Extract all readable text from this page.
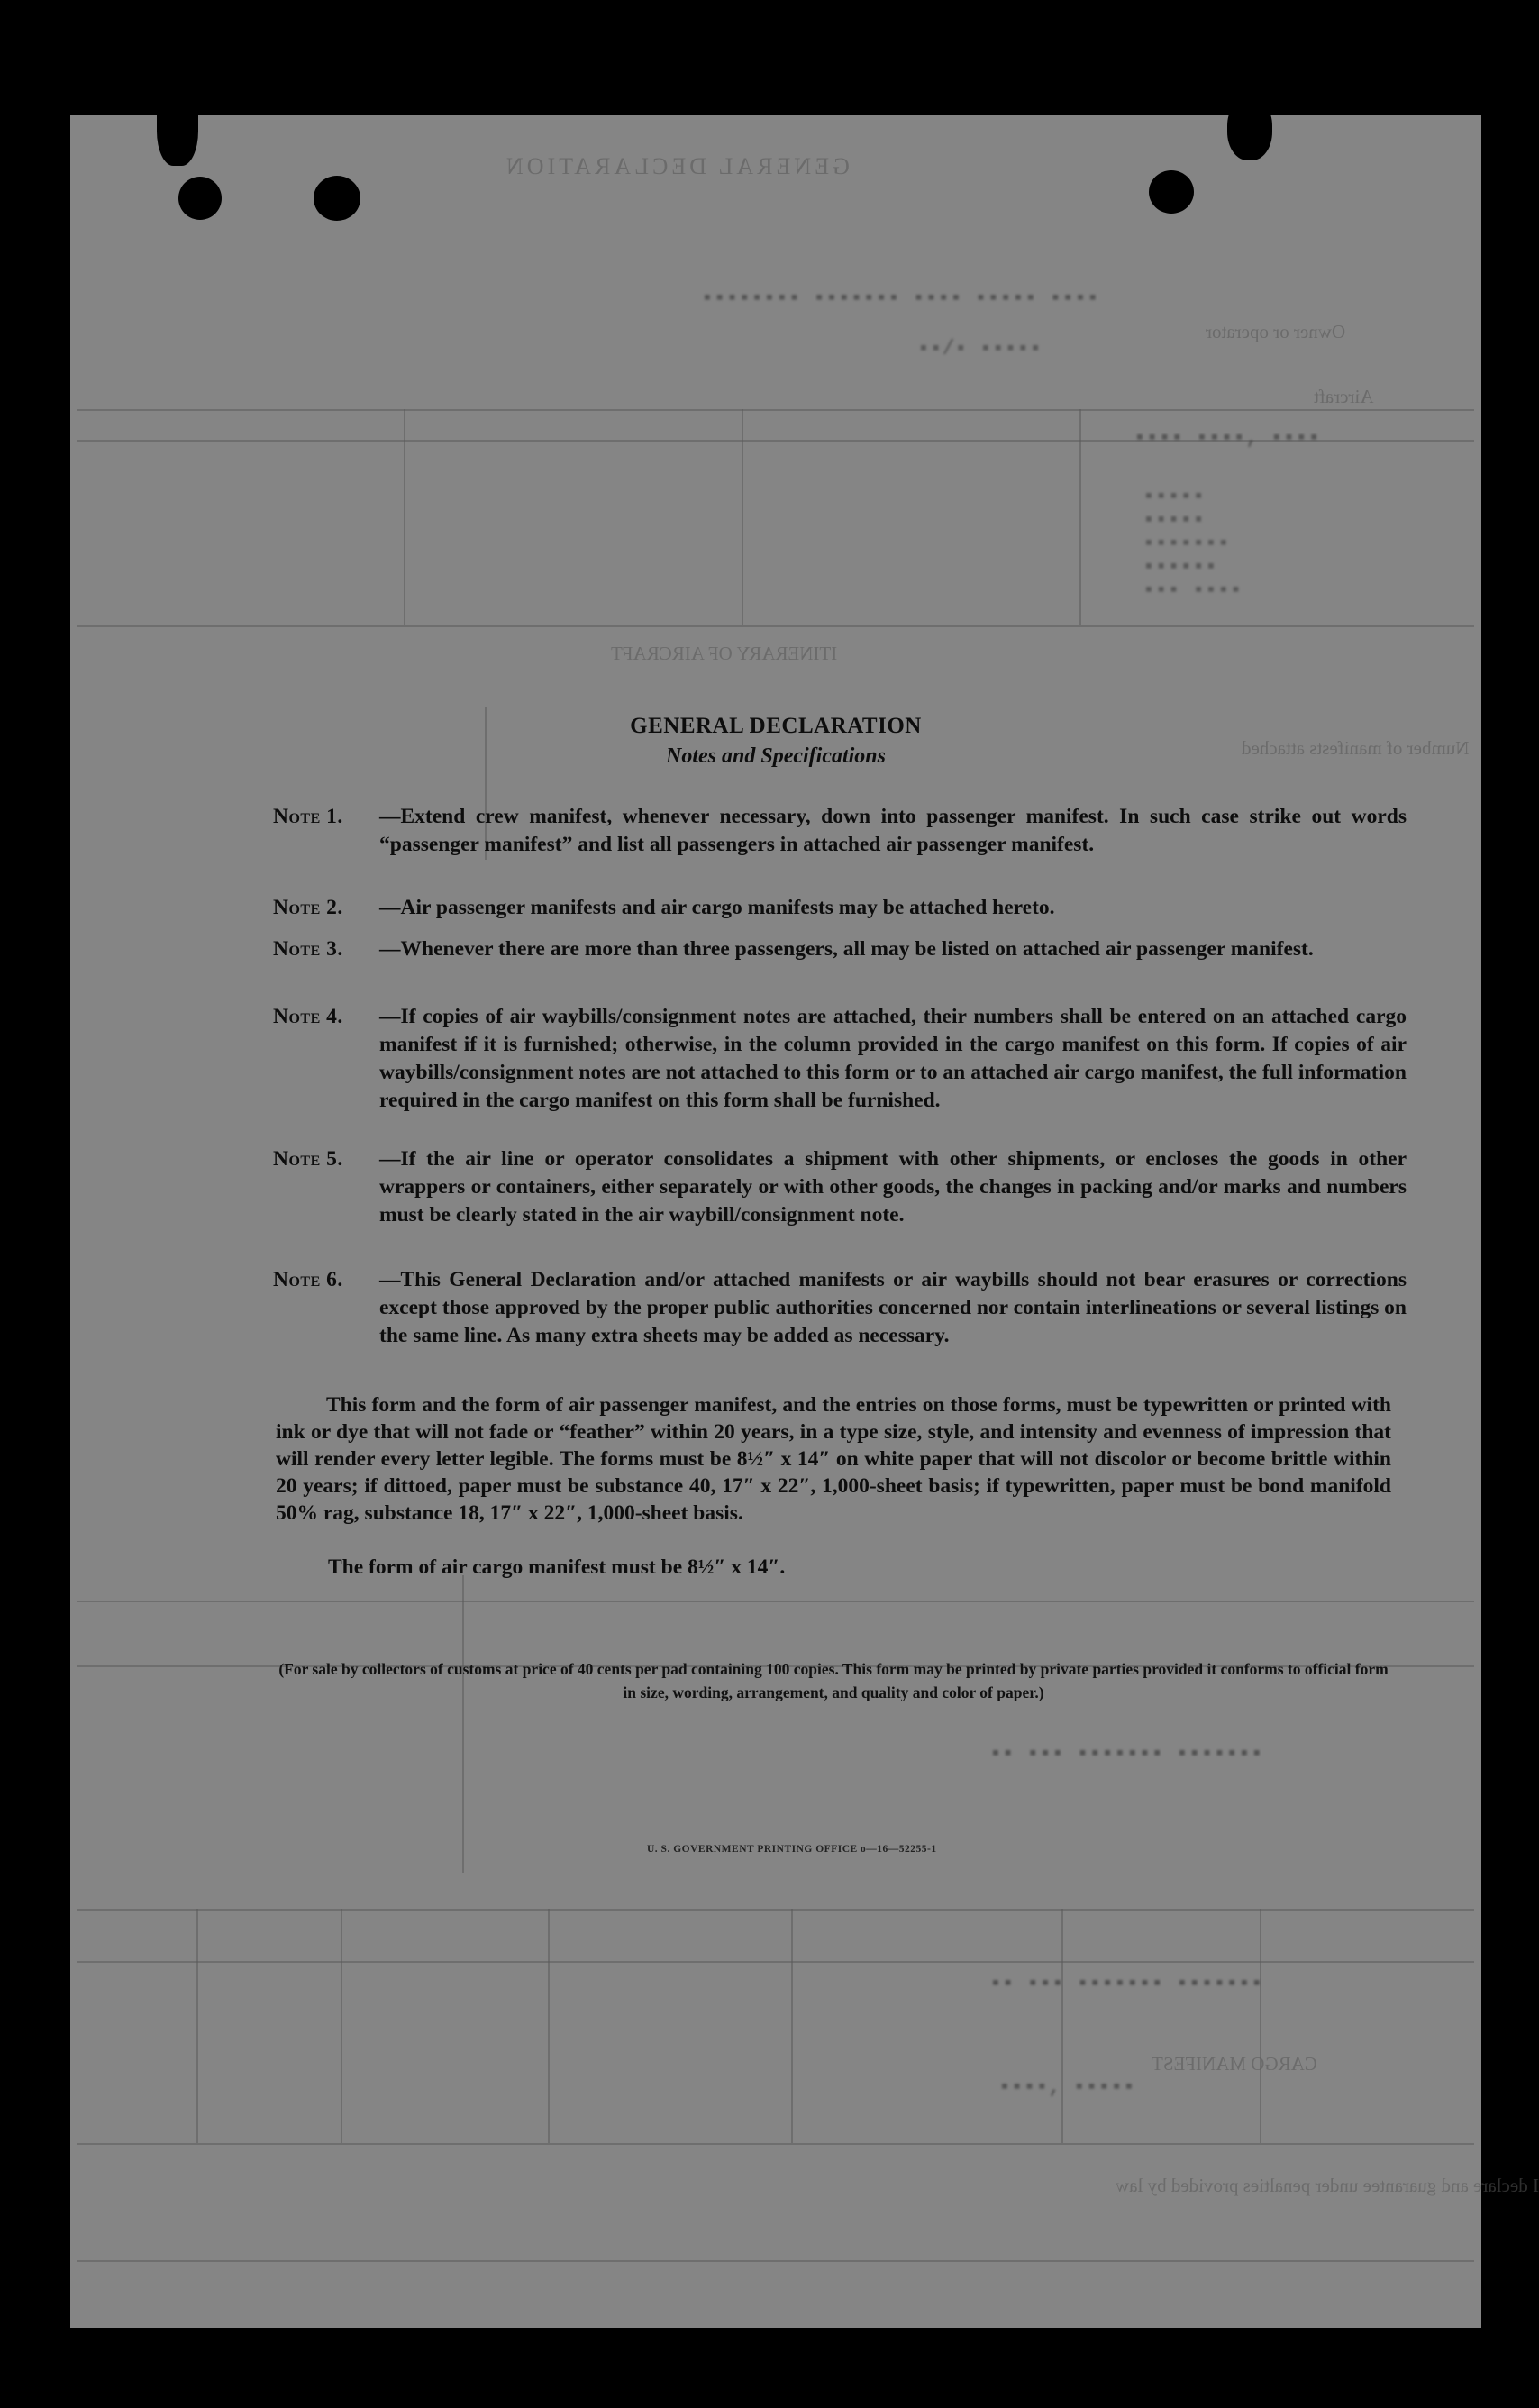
GENERAL DECLARATION
Owner or operator
Aircraft
ITINERARY OF AIRCRAFT
Number of manifests attached
CARGO MANIFEST
I declare and guarantee under penalties provided by law

▪▪▪▪▪▪▪▪ ▪▪▪▪▪▪▪ ▪▪▪▪ ▪▪▪▪▪ ▪▪▪▪
▪▪/▪ ▪▪▪▪▪
▪▪▪▪ ▪▪▪▪, ▪▪▪▪
▪▪▪▪▪
▪▪▪▪▪
▪▪▪▪▪▪▪
▪▪▪▪▪▪
▪▪▪ ▪▪▪▪
▪▪ ▪▪▪ ▪▪▪▪▪▪▪ ▪▪▪▪▪▪▪
▪▪ ▪▪▪ ▪▪▪▪▪▪▪ ▪▪▪▪▪▪▪
▪▪▪▪, ▪▪▪▪▪
GENERAL DECLARATION
Notes and Specifications
Note 1.	—Extend crew manifest, whenever necessary, down into passenger manifest. In such case strike out words “passenger manifest” and list all passengers in attached air passenger manifest.
Note 2.	—Air passenger manifests and air cargo manifests may be attached hereto.
Note 3.	—Whenever there are more than three passengers, all may be listed on attached air passenger manifest.
Note 4.	—If copies of air waybills/consignment notes are attached, their numbers shall be entered on an attached cargo manifest if it is furnished; otherwise, in the column provided in the cargo manifest on this form. If copies of air waybills/consignment notes are not attached to this form or to an attached air cargo manifest, the full information required in the cargo manifest on this form shall be furnished.
Note 5.	—If the air line or operator consolidates a shipment with other shipments, or encloses the goods in other wrappers or containers, either separately or with other goods, the changes in packing and/or marks and numbers must be clearly stated in the air waybill/consignment note.
Note 6.	—This General Declaration and/or attached manifests or air waybills should not bear erasures or corrections except those approved by the proper public authorities concerned nor contain interlineations or several listings on the same line. As many extra sheets may be added as necessary.
This form and the form of air passenger manifest, and the entries on those forms, must be typewritten or printed with ink or dye that will not fade or “feather” within 20 years, in a type size, style, and intensity and evenness of impression that will render every letter legible. The forms must be 8½″ x 14″ on white paper that will not discolor or become brittle within 20 years; if dittoed, paper must be substance 40, 17″ x 22″, 1,000-sheet basis; if typewritten, paper must be bond manifold 50% rag, substance 18, 17″ x 22″, 1,000-sheet basis.
The form of air cargo manifest must be 8½″ x 14″.
(For sale by collectors of customs at price of 40 cents per pad containing 100 copies. This form may be printed by private parties provided it conforms to official form in size, wording, arrangement, and quality and color of paper.)
U. S. GOVERNMENT PRINTING OFFICE o—16—52255-1
